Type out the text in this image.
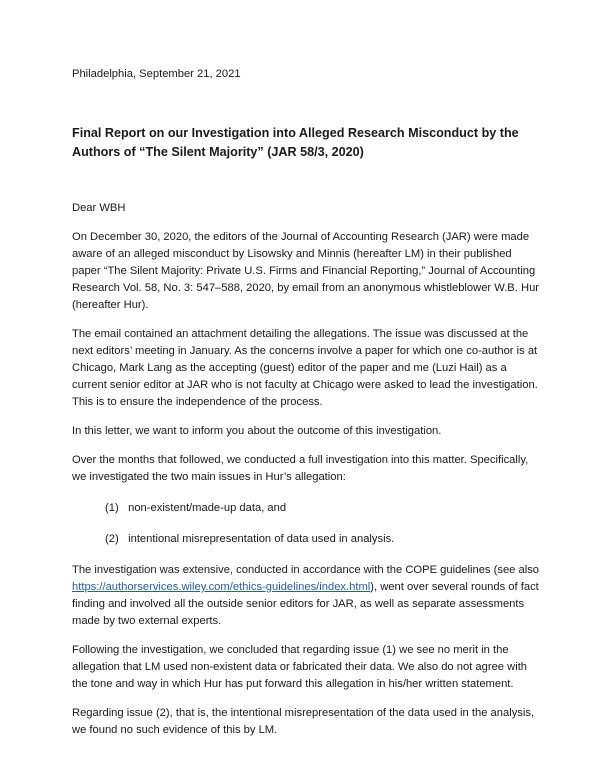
Philadelphia, September 21, 2021

Final Report on our Investigation into Alleged Research Misconduct by the
Authors of “The Silent Majority” (JAR 58/3, 2020)

Dear WBH

On December 30, 2020, the editors of the Journal of Accounting Research (JAR) were made aware of an alleged misconduct by Lisowsky and Minnis (hereafter LM) in their published paper “The Silent Majority: Private U.S. Firms and Financial Reporting,” Journal of Accounting Research Vol. 58, No. 3: 547–588, 2020, by email from an anonymous whistleblower W.B. Hur (hereafter Hur).

The email contained an attachment detailing the allegations. The issue was discussed at the next editors’ meeting in January. As the concerns involve a paper for which one co-author is at Chicago, Mark Lang as the accepting (guest) editor of the paper and me (Luzi Hail) as a current senior editor at JAR who is not faculty at Chicago were asked to lead the investigation. This is to ensure the independence of the process.

In this letter, we want to inform you about the outcome of this investigation.

Over the months that followed, we conducted a full investigation into this matter. Specifically, we investigated the two main issues in Hur’s allegation:

(1) non-existent/made-up data, and
(2) intentional misrepresentation of data used in analysis.

The investigation was extensive, conducted in accordance with the COPE guidelines (see also https://authorservices.wiley.com/ethics-guidelines/index.html), went over several rounds of fact finding and involved all the outside senior editors for JAR, as well as separate assessments made by two external experts.

Following the investigation, we concluded that regarding issue (1) we see no merit in the allegation that LM used non-existent data or fabricated their data. We also do not agree with the tone and way in which Hur has put forward this allegation in his/her written statement.

Regarding issue (2), that is, the intentional misrepresentation of the data used in the analysis, we found no such evidence of this by LM.
